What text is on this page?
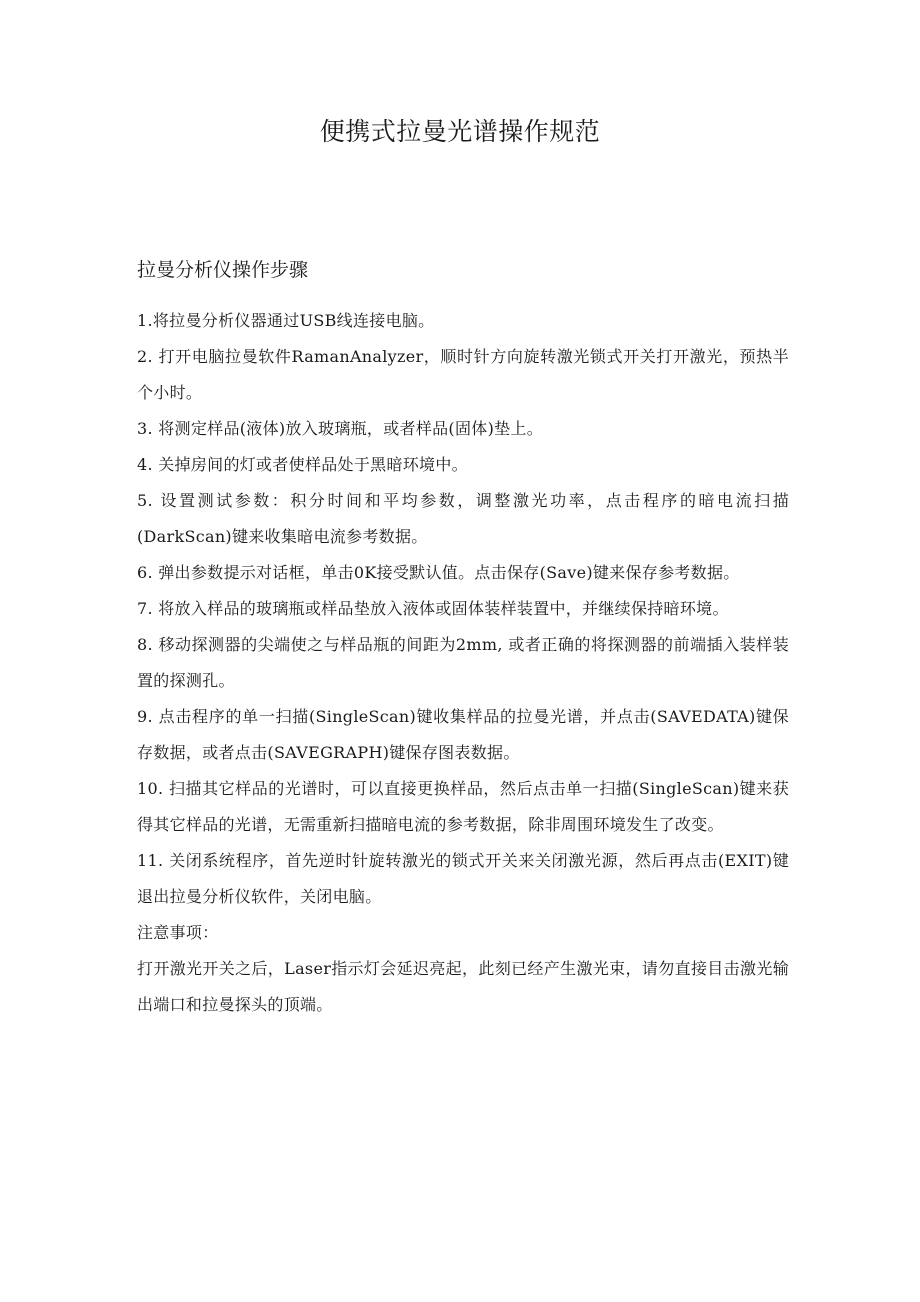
便携式拉曼光谱操作规范
拉曼分析仪操作步骤

1.将拉曼分析仪器通过USB线连接电脑。

2. 打开电脑拉曼软件RamanAnalyzer，顺时针方向旋转激光锁式开关打开激光，预热半个小时。

3. 将测定样品(液体)放入玻璃瓶，或者样品(固体)垫上。

4. 关掉房间的灯或者使样品处于黑暗环境中。

5. 设置测试参数：积分时间和平均参数，调整激光功率，点击程序的暗电流扫描(DarkScan)键来收集暗电流参考数据。

6. 弹出参数提示对话框，单击0K接受默认值。点击保存(Save)键来保存参考数据。

7. 将放入样品的玻璃瓶或样品垫放入液体或固体装样装置中，并继续保持暗环境。

8. 移动探测器的尖端使之与样品瓶的间距为2mm, 或者正确的将探测器的前端插入装样装置的探测孔。

9. 点击程序的单一扫描(SingleScan)键收集样品的拉曼光谱，并点击(SAVEDATA)键保存数据，或者点击(SAVEGRAPH)键保存图表数据。

10. 扫描其它样品的光谱时，可以直接更换样品，然后点击单一扫描(SingleScan)键来获得其它样品的光谱，无需重新扫描暗电流的参考数据，除非周围环境发生了改变。

11. 关闭系统程序，首先逆时针旋转激光的锁式开关来关闭激光源，然后再点击(EXIT)键退出拉曼分析仪软件，关闭电脑。

注意事项：

打开激光开关之后，Laser指示灯会延迟亮起，此刻已经产生激光束，请勿直接目击激光输出端口和拉曼探头的顶端。
